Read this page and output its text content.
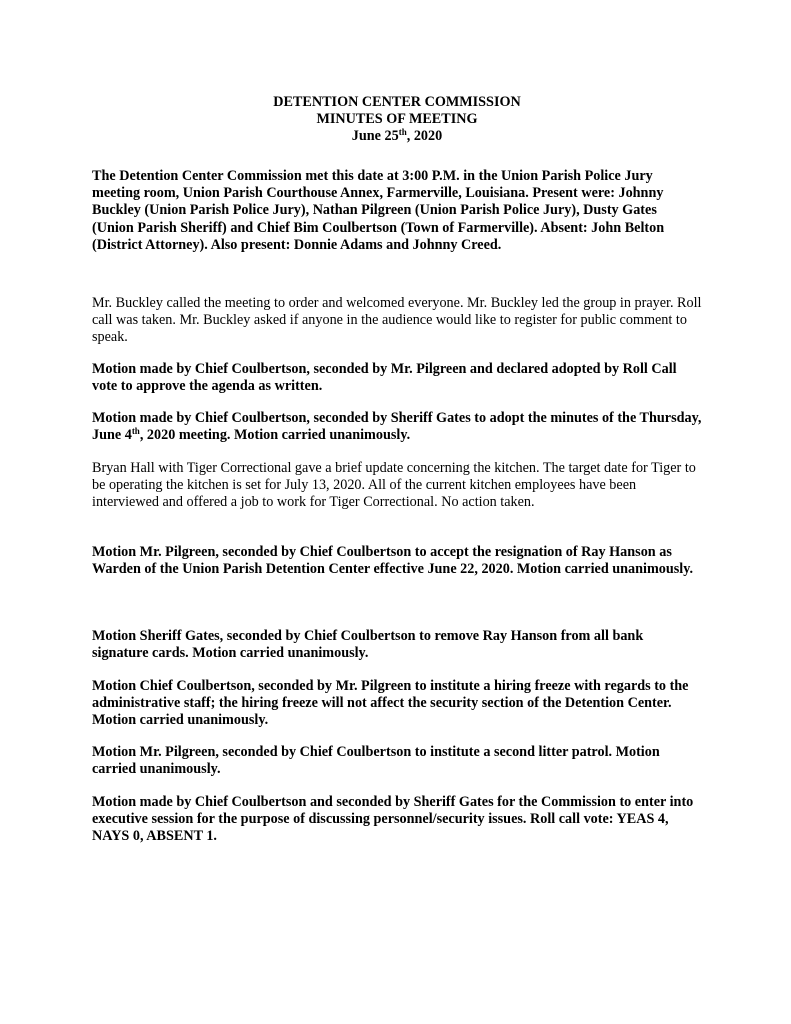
DETENTION CENTER COMMISSION
MINUTES OF MEETING
June 25th, 2020

The Detention Center Commission met this date at 3:00 P.M. in the Union Parish Police Jury meeting room, Union Parish Courthouse Annex, Farmerville, Louisiana. Present were: Johnny Buckley (Union Parish Police Jury), Nathan Pilgreen (Union Parish Police Jury), Dusty Gates (Union Parish Sheriff) and Chief Bim Coulbertson (Town of Farmerville). Absent: John Belton (District Attorney). Also present: Donnie Adams and Johnny Creed.

Mr. Buckley called the meeting to order and welcomed everyone. Mr. Buckley led the group in prayer. Roll call was taken. Mr. Buckley asked if anyone in the audience would like to register for public comment to speak.

Motion made by Chief Coulbertson, seconded by Mr. Pilgreen and declared adopted by Roll Call vote to approve the agenda as written.

Motion made by Chief Coulbertson, seconded by Sheriff Gates to adopt the minutes of the Thursday, June 4th, 2020 meeting. Motion carried unanimously.

Bryan Hall with Tiger Correctional gave a brief update concerning the kitchen. The target date for Tiger to be operating the kitchen is set for July 13, 2020. All of the current kitchen employees have been interviewed and offered a job to work for Tiger Correctional. No action taken.

Motion Mr. Pilgreen, seconded by Chief Coulbertson to accept the resignation of Ray Hanson as Warden of the Union Parish Detention Center effective June 22, 2020. Motion carried unanimously.

Motion Sheriff Gates, seconded by Chief Coulbertson to remove Ray Hanson from all bank signature cards. Motion carried unanimously.

Motion Chief Coulbertson, seconded by Mr. Pilgreen to institute a hiring freeze with regards to the administrative staff; the hiring freeze will not affect the security section of the Detention Center. Motion carried unanimously.

Motion Mr. Pilgreen, seconded by Chief Coulbertson to institute a second litter patrol. Motion carried unanimously.

Motion made by Chief Coulbertson and seconded by Sheriff Gates for the Commission to enter into executive session for the purpose of discussing personnel/security issues. Roll call vote: YEAS 4, NAYS 0, ABSENT 1.
